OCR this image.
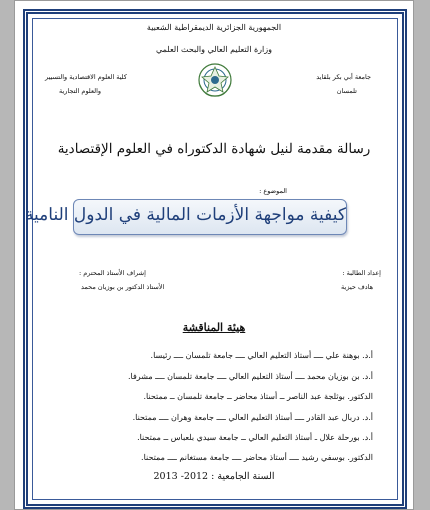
الجمهورية الجزائرية الديمقراطية الشعبية
وزارة التعليم العالي والبحث العلمي
جامعة أبي بكر بلقايد
تلمسان
كلية العلوم الاقتصادية والتسيير
والعلوم التجارية
رسالة مقدمة لنيل شهادة الدكتوراه في العلوم الإقتصادية
الموضوع :
كيفية مواجهة الأزمات المالية في الدول النامية
إعداد الطالبة :
هادف حيزية
إشراف الأستاذ المحترم :
الأستاذ الدكتور بن بوزيان محمد
هيئة المناقشة
أ.د. بوهنة علي ــــ أستاذ التعليم العالي ــــ جامعة تلمسان ــــ رئيسا.
أ.د. بن بوزيان محمد ــــ أستاذ التعليم العالي ــــ جامعة تلمسان ــــ مشرفا.
الدكتور. بوثلجة عبد الناصر ــ أستاذ محاضر ــ جامعة تلمسان ــ ممتحنا.
أ.د. دربال عبد القادر ــــ أستاذ التعليم العالي ــــ جامعة وهران ــــ ممتحنا.
أ.د. بورحلة علال ـ أستاذ التعليم العالي ــ جامعة سيدي بلعباس ــ ممتحنا.
الدكتور. بوسفي رشيد ــــ أستاذ محاضر ــــ جامعة مستغانم ــــ ممتحنا.
السنة الجامعية : 2012- 2013
